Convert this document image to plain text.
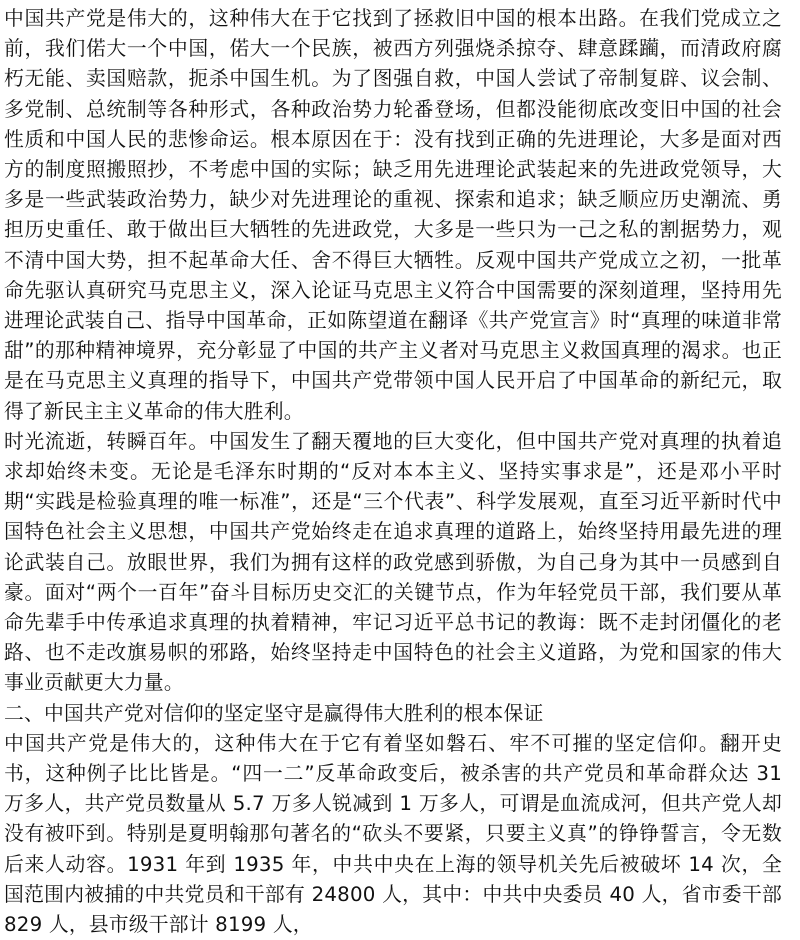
中国共产党是伟大的，这种伟大在于它找到了拯救旧中国的根本出路。在我们党成立之前，我们偌大一个中国，偌大一个民族，被西方列强烧杀掠夺、肆意蹂躏，而清政府腐朽无能、卖国赔款，扼杀中国生机。为了图强自救，中国人尝试了帝制复辟、议会制、多党制、总统制等各种形式，各种政治势力轮番登场，但都没能彻底改变旧中国的社会性质和中国人民的悲惨命运。根本原因在于：没有找到正确的先进理论，大多是面对西方的制度照搬照抄，不考虑中国的实际；缺乏用先进理论武装起来的先进政党领导，大多是一些武装政治势力，缺少对先进理论的重视、探索和追求；缺乏顺应历史潮流、勇担历史重任、敢于做出巨大牺牲的先进政党，大多是一些只为一己之私的割据势力，观不清中国大势，担不起革命大任、舍不得巨大牺牲。反观中国共产党成立之初，一批革命先驱认真研究马克思主义，深入论证马克思主义符合中国需要的深刻道理，坚持用先进理论武装自己、指导中国革命，正如陈望道在翻译《共产党宣言》时“真理的味道非常甜”的那种精神境界，充分彰显了中国的共产主义者对马克思主义救国真理的渴求。也正是在马克思主义真理的指导下，中国共产党带领中国人民开启了中国革命的新纪元，取得了新民主主义革命的伟大胜利。

时光流逝，转瞬百年。中国发生了翻天覆地的巨大变化，但中国共产党对真理的执着追求却始终未变。无论是毛泽东时期的“反对本本主义、坚持实事求是”，还是邓小平时期“实践是检验真理的唯一标准”，还是“三个代表”、科学发展观，直至习近平新时代中国特色社会主义思想，中国共产党始终走在追求真理的道路上，始终坚持用最先进的理论武装自己。放眼世界，我们为拥有这样的政党感到骄傲，为自己身为其中一员感到自豪。面对“两个一百年”奋斗目标历史交汇的关键节点，作为年轻党员干部，我们要从革命先辈手中传承追求真理的执着精神，牢记习近平总书记的教诲：既不走封闭僵化的老路、也不走改旗易帜的邪路，始终坚持走中国特色的社会主义道路，为党和国家的伟大事业贡献更大力量。

二、中国共产党对信仰的坚定坚守是赢得伟大胜利的根本保证

中国共产党是伟大的，这种伟大在于它有着坚如磐石、牢不可摧的坚定信仰。翻开史书，这种例子比比皆是。“四一二”反革命政变后，被杀害的共产党员和革命群众达 31 万多人，共产党员数量从 5.7 万多人锐减到 1 万多人，可谓是血流成河，但共产党人却没有被吓到。特别是夏明翰那句著名的“砍头不要紧，只要主义真”的铮铮誓言，令无数后来人动容。1931 年到 1935 年，中共中央在上海的领导机关先后被破坏 14 次，全国范围内被捕的中共党员和干部有 24800 人，其中：中共中央委员 40 人，省市委干部 829 人，县市级干部计 8199 人，
